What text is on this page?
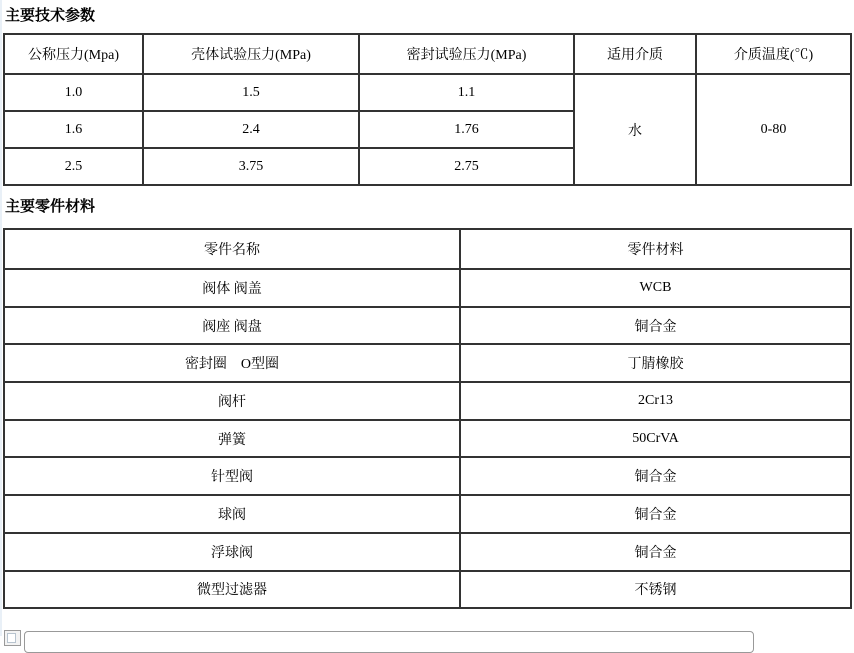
主要技术参数
公称压力(Mpa)	壳体试验压力(MPa)	密封试验压力(MPa)	适用介质	介质温度(℃)
1.0	1.5	1.1	水	0-80
1.6	2.4	1.76		
2.5	3.75	2.75		
主要零件材料
零件名称	零件材料
阀体 阀盖	WCB
阀座 阀盘	铜合金
密封圈　O型圈	丁腈橡胶
阀杆	2Cr13
弹簧	50CrVA
针型阀	铜合金
球阀	铜合金
浮球阀	铜合金
微型过滤器	不锈钢
